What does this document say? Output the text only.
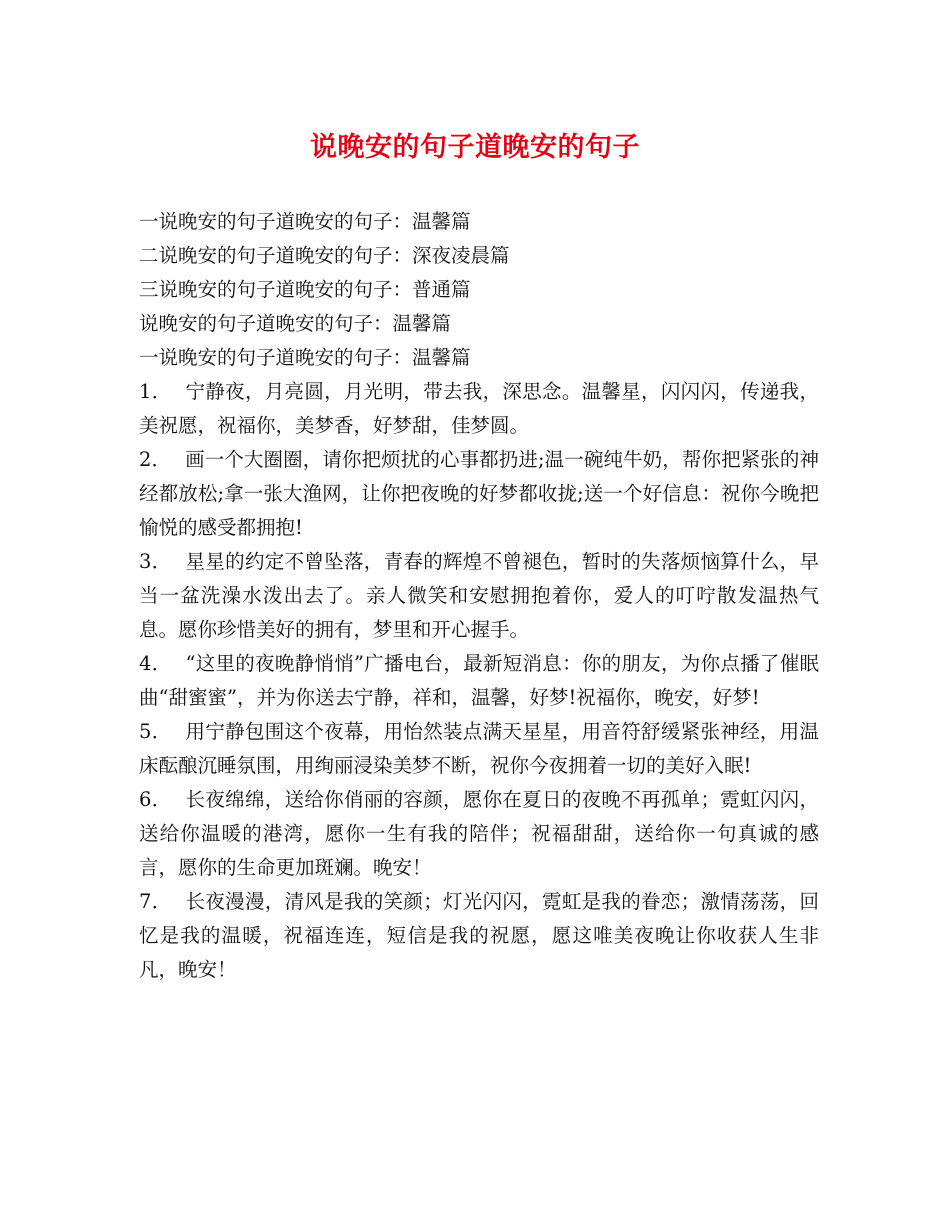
说晚安的句子道晚安的句子

一说晚安的句子道晚安的句子：温馨篇

二说晚安的句子道晚安的句子：深夜凌晨篇

三说晚安的句子道晚安的句子：普通篇

说晚安的句子道晚安的句子：温馨篇

一说晚安的句子道晚安的句子：温馨篇

1． 宁静夜，月亮圆，月光明，带去我，深思念。温馨星，闪闪闪，传递我，美祝愿，祝福你，美梦香，好梦甜，佳梦圆。

2． 画一个大圈圈，请你把烦扰的心事都扔进;温一碗纯牛奶，帮你把紧张的神经都放松;拿一张大渔网，让你把夜晚的好梦都收拢;送一个好信息：祝你今晚把愉悦的感受都拥抱!

3． 星星的约定不曾坠落，青春的辉煌不曾褪色，暂时的失落烦恼算什么，早当一盆洗澡水泼出去了。亲人微笑和安慰拥抱着你，爱人的叮咛散发温热气息。愿你珍惜美好的拥有，梦里和开心握手。

4． “这里的夜晚静悄悄”广播电台，最新短消息：你的朋友，为你点播了催眠曲“甜蜜蜜”，并为你送去宁静，祥和，温馨，好梦!祝福你，晚安，好梦!

5． 用宁静包围这个夜幕，用怡然装点满天星星，用音符舒缓紧张神经，用温床酝酿沉睡氛围，用绚丽浸染美梦不断，祝你今夜拥着一切的美好入眠!

6． 长夜绵绵，送给你俏丽的容颜，愿你在夏日的夜晚不再孤单；霓虹闪闪，送给你温暖的港湾，愿你一生有我的陪伴；祝福甜甜，送给你一句真诚的感言，愿你的生命更加斑斓。晚安！

7． 长夜漫漫，清风是我的笑颜；灯光闪闪，霓虹是我的眷恋；激情荡荡，回忆是我的温暖，祝福连连，短信是我的祝愿，愿这唯美夜晚让你收获人生非凡，晚安！
